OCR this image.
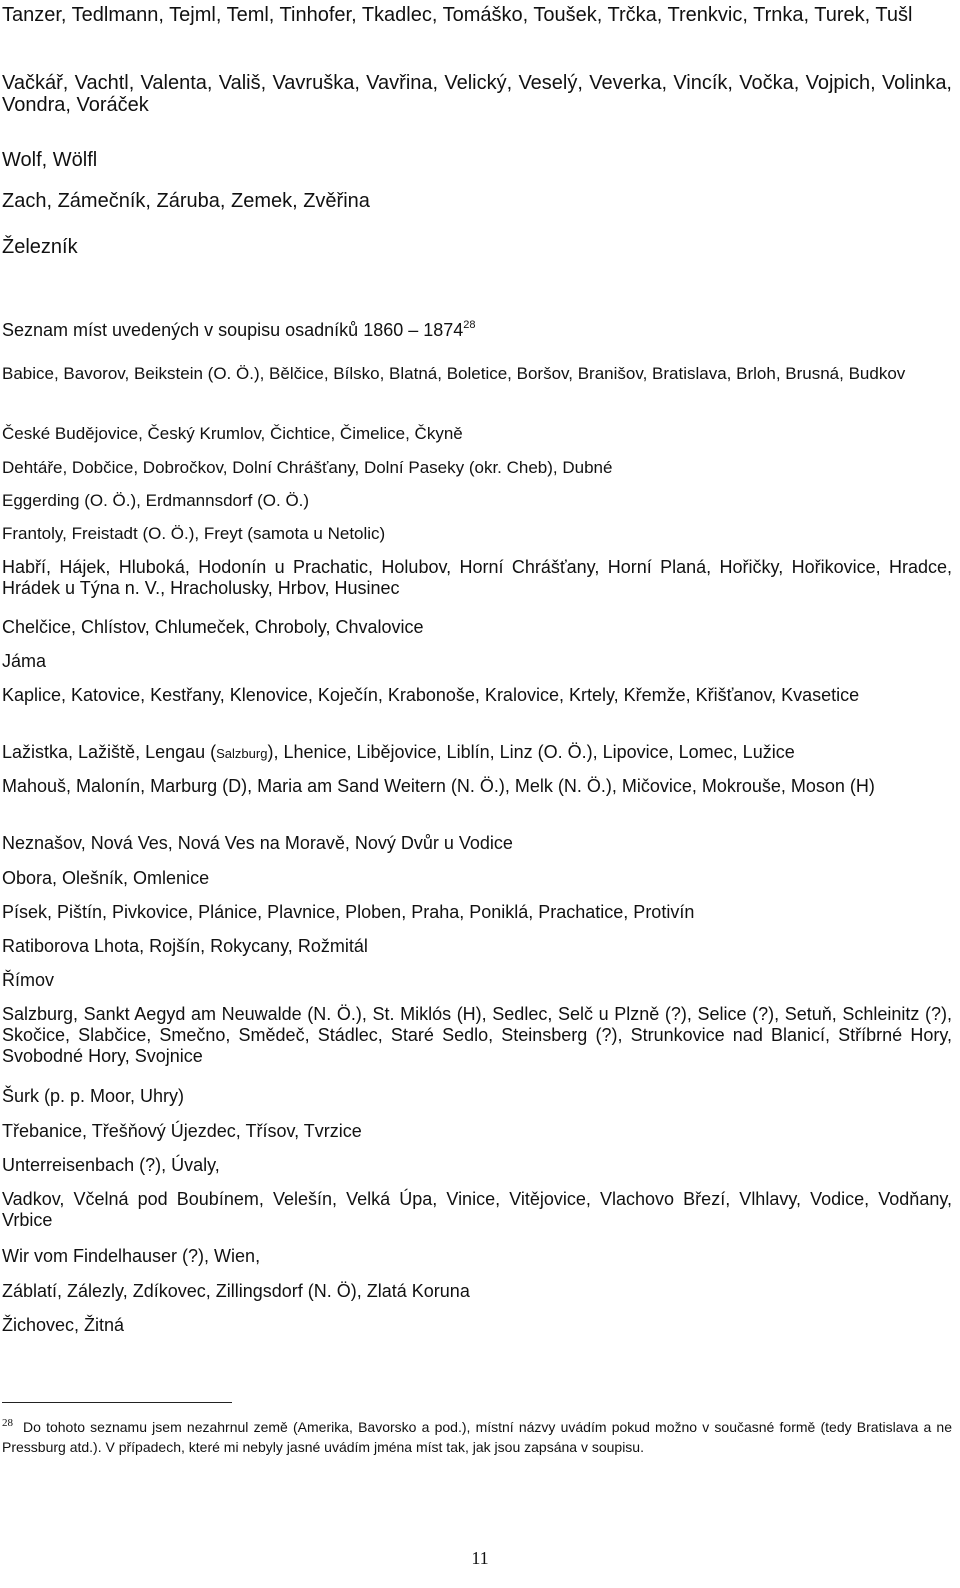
Tanzer, Tedlmann, Tejml, Teml, Tinhofer, Tkadlec, Tomáško, Toušek, Trčka, Trenkvic, Trnka, Turek, Tušl

Vačkář, Vachtl, Valenta, Vališ, Vavruška, Vavřina, Velický, Veselý, Veverka, Vincík, Vočka, Vojpich, Volinka, Vondra, Voráček

Wolf, Wölfl

Zach, Zámečník, Záruba, Zemek, Zvěřina

Železník

Seznam míst uvedených v soupisu osadníků 1860 – 1874$^{28}$

Babice, Bavorov, Beikstein (O. Ö.), Bělčice, Bílsko, Blatná, Boletice, Boršov, Branišov, Bratislava, Brloh, Brusná, Budkov

České Budějovice, Český Krumlov, Čichtice, Čimelice, Čkyně

Dehtáře, Dobčice, Dobročkov, Dolní Chrášťany, Dolní Paseky (okr. Cheb), Dubné

Eggerding (O. Ö.), Erdmannsdorf (O. Ö.)

Frantoly, Freistadt (O. Ö.), Freyt (samota u Netolic)

Habří, Hájek, Hluboká, Hodonín u Prachatic, Holubov, Horní Chrášťany, Horní Planá, Hořičky, Hořikovice, Hradce, Hrádek u Týna n. V., Hracholusky, Hrbov, Husinec

Chelčice, Chlístov, Chlumeček, Chroboly, Chvalovice

Jáma

Kaplice, Katovice, Kestřany, Klenovice, Koječín, Krabonoše, Kralovice, Krtely, Křemže, Křišťanov, Kvasetice

Lažistka, Lažiště, Lengau (Salzburg), Lhenice, Libějovice, Liblín, Linz (O. Ö.), Lipovice, Lomec, Lužice

Mahouš, Malonín, Marburg (D), Maria am Sand Weitern (N. Ö.), Melk (N. Ö.), Mičovice, Mokrouše, Moson (H)

Neznašov, Nová Ves, Nová Ves na Moravě, Nový Dvůr u Vodice

Obora, Olešník, Omlenice

Písek, Pištín, Pivkovice, Plánice, Plavnice, Ploben, Praha, Poniklá, Prachatice, Protivín

Ratiborova Lhota, Rojšín, Rokycany, Rožmitál

Římov

Salzburg, Sankt Aegyd am Neuwalde (N. Ö.), St. Miklós (H), Sedlec, Selč u Plzně (?), Selice (?), Setuň, Schleinitz (?), Skočice, Slabčice, Smečno, Smědeč, Stádlec, Staré Sedlo, Steinsberg (?), Strunkovice nad Blanicí, Stříbrné Hory, Svobodné Hory, Svojnice

Šurk (p. p. Moor, Uhry)

Třebanice, Třešňový Újezdec, Třísov, Tvrzice

Unterreisenbach (?), Úvaly,

Vadkov, Včelná pod Boubínem, Velešín, Velká Úpa, Vinice, Vitějovice, Vlachovo Březí, Vlhlavy, Vodice, Vodňany, Vrbice

Wir vom Findelhauser (?), Wien,

Záblatí, Zálezly, Zdíkovec, Zillingsdorf (N. Ö), Zlatá Koruna

Žichovec, Žitná

$^{28}$ Do tohoto seznamu jsem nezahrnul země (Amerika, Bavorsko a pod.), místní názvy uvádím pokud možno v současné formě (tedy Bratislava a ne Pressburg atd.). V případech, které mi nebyly jasné uvádím jména míst tak, jak jsou zapsána v soupisu.

11
